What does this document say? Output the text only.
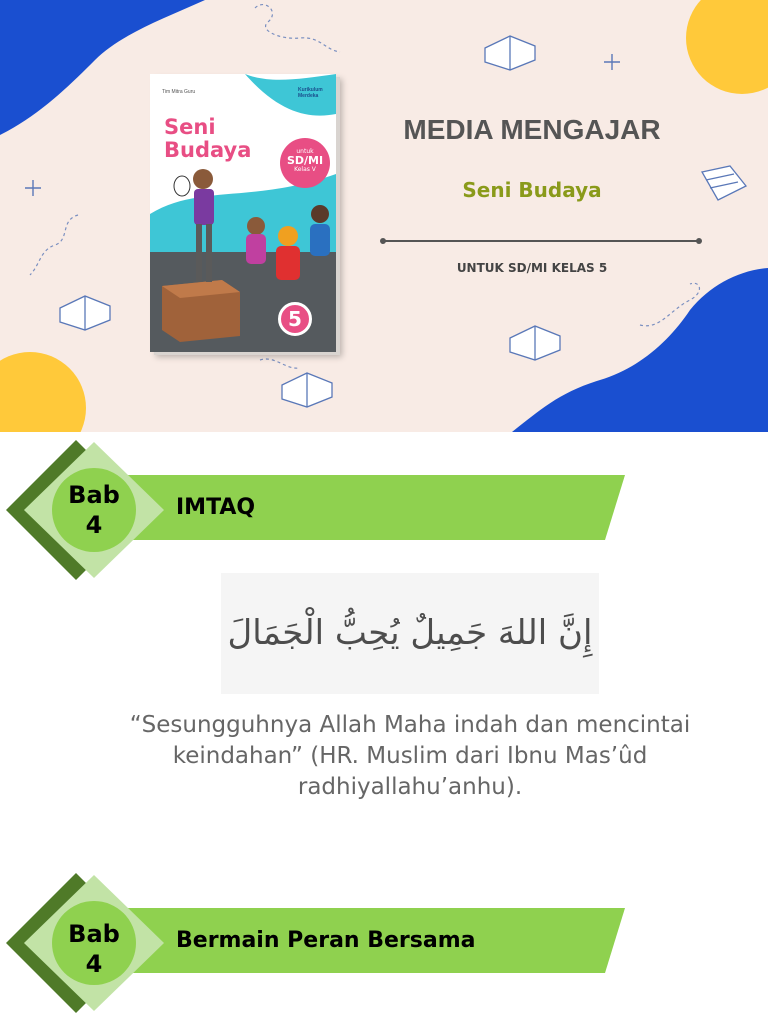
Tim Mitra Guru	Kurikulum Merdeka
Seni
Budaya	untuk
SD/MI
Kelas V
5
MEDIA MENGAJAR
Seni Budaya
UNTUK SD/MI KELAS 5
Bab
4
IMTAQ
إِنَّ اللهَ جَمِيلٌ يُحِبُّ الْجَمَالَ
“Sesungguhnya Allah Maha indah dan mencintai keindahan” (HR. Muslim dari Ibnu Mas’ûd radhiyallahu’anhu).
Bab
4
Bermain Peran Bersama
